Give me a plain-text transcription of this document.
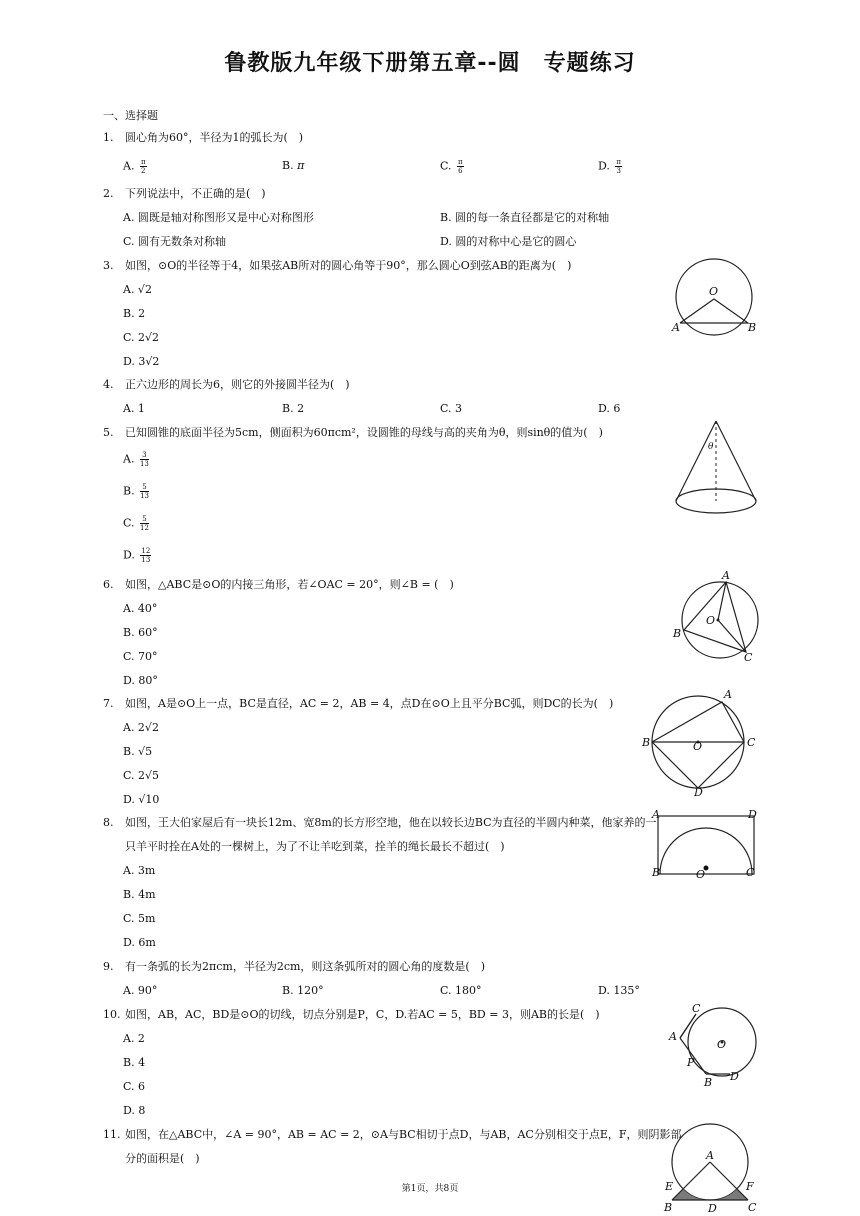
鲁教版九年级下册第五章--圆　专题练习
一、选择题
1. 圆心角为60°，半径为1的弧长为(　)
A. $\frac{\pi}{2}$	B. π	C. $\frac{\pi}{6}$	D. $\frac{\pi}{3}$
2. 下列说法中，不正确的是(　)
A. 圆既是轴对称图形又是中心对称图形	B. 圆的每一条直径都是它的对称轴
C. 圆有无数条对称轴	D. 圆的对称中心是它的圆心
3. 如图，⊙O的半径等于4，如果弦AB所对的圆心角等于90°，那么圆心O到弦AB的距离为(　)
A. √2
B. 2
C. 2√2
D. 3√2
O
A	B
4. 正六边形的周长为6，则它的外接圆半径为(　)
A. 1	B. 2	C. 3	D. 6
5. 已知圆锥的底面半径为5cm，侧面积为60πcm²，设圆锥的母线与高的夹角为θ，则sinθ的值为(　)
A. $\frac{3}{13}$
B. $\frac{5}{13}$
C. $\frac{5}{12}$
D. $\frac{12}{13}$
θ
6. 如图，△ABC是⊙O的内接三角形，若∠OAC = 20°，则∠B = (　)
A. 40°
B. 60°
C. 70°
D. 80°
A
B
C
O
7. 如图，A是⊙O上一点，BC是直径，AC = 2，AB = 4，点D在⊙O上且平分BC弧，则DC的长为(　)
A. 2√2
B. √5
C. 2√5
D. √10
A
B	C
D
O
8. 如图，王大伯家屋后有一块长12m、宽8m的长方形空地，他在以较长边BC为直径的半圆内种菜，他家养的一
只羊平时拴在A处的一棵树上，为了不让羊吃到菜，拴羊的绳长最长不超过(　)
A. 3m
B. 4m
C. 5m
D. 6m
A	D
B	C
O
9. 有一条弧的长为2πcm，半径为2cm，则这条弧所对的圆心角的度数是(　)
A. 90°	B. 120°	C. 180°	D. 135°
10. 如图，AB，AC，BD是⊙O的切线，切点分别是P，C，D.若AC = 5，BD = 3，则AB的长是(　)
A. 2
B. 4
C. 6
D. 8
C
A
P
B D
O
11. 如图，在△ABC中，∠A = 90°，AB = AC = 2，⊙A与BC相切于点D，与AB，AC分别相交于点E，F，则阴影部
分的面积是(　)	A
E	F
B	D	C
第1页，共8页
